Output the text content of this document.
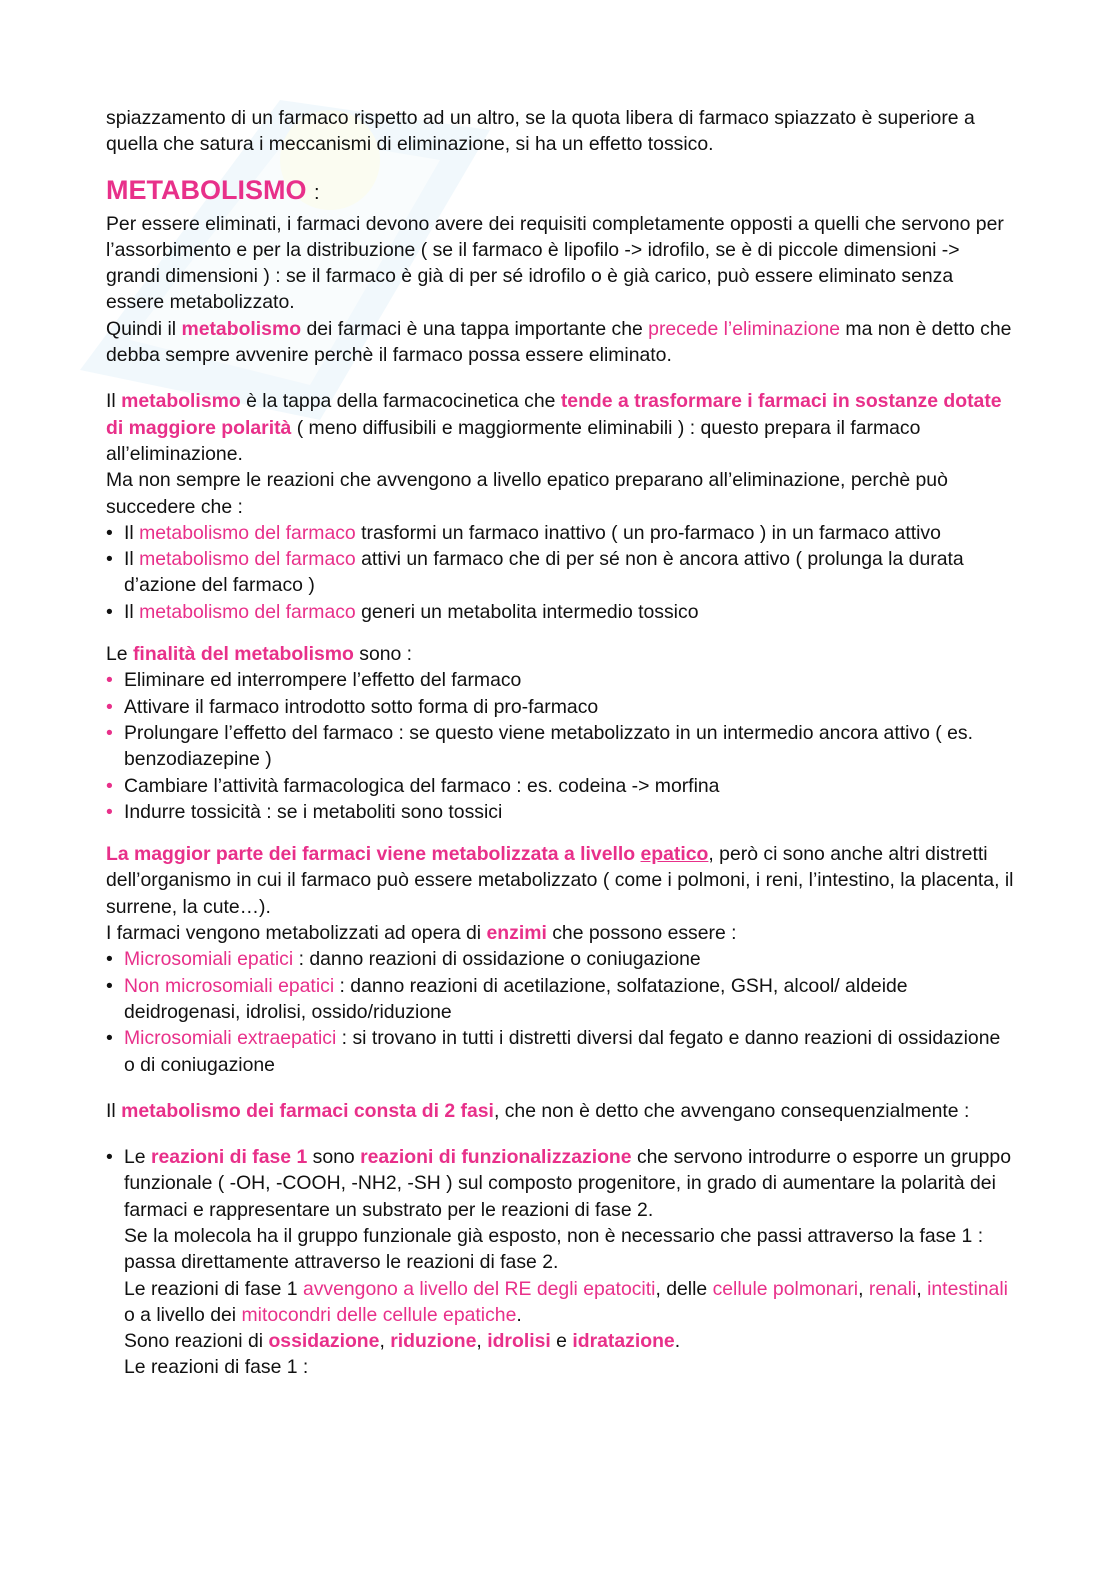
spiazzamento di un farmaco rispetto ad un altro, se la quota libera di farmaco spiazzato è superiore a quella che satura i meccanismi di eliminazione, si ha un effetto tossico.

METABOLISMO :

Per essere eliminati, i farmaci devono avere dei requisiti completamente opposti a quelli che servono per l’assorbimento e per la distribuzione ( se il farmaco è lipofilo -> idrofilo, se è di piccole dimensioni -> grandi dimensioni ) : se il farmaco è già di per sé idrofilo o è già carico, può essere eliminato senza essere metabolizzato.

Quindi il metabolismo dei farmaci è una tappa importante che precede l’eliminazione ma non è detto che debba sempre avvenire perchè il farmaco possa essere eliminato.

Il metabolismo è la tappa della farmacocinetica che tende a trasformare i farmaci in sostanze dotate di maggiore polarità ( meno diffusibili e maggiormente eliminabili ) : questo prepara il farmaco all’eliminazione.

Ma non sempre le reazioni che avvengono a livello epatico preparano all’eliminazione, perchè può succedere che :

• Il metabolismo del farmaco trasformi un farmaco inattivo ( un pro-farmaco ) in un farmaco attivo

• Il metabolismo del farmaco attivi un farmaco che di per sé non è ancora attivo ( prolunga la durata d’azione del farmaco )

• Il metabolismo del farmaco generi un metabolita intermedio tossico

Le finalità del metabolismo sono :

• Eliminare ed interrompere l’effetto del farmaco

• Attivare il farmaco introdotto sotto forma di pro-farmaco

• Prolungare l’effetto del farmaco : se questo viene metabolizzato in un intermedio ancora attivo ( es. benzodiazepine )

• Cambiare l’attività farmacologica del farmaco : es. codeina -> morfina

• Indurre tossicità : se i metaboliti sono tossici

La maggior parte dei farmaci viene metabolizzata a livello epatico, però ci sono anche altri distretti dell’organismo in cui il farmaco può essere metabolizzato ( come i polmoni, i reni, l’intestino, la placenta, il surrene, la cute…).

I farmaci vengono metabolizzati ad opera di enzimi che possono essere :

• Microsomiali epatici : danno reazioni di ossidazione o coniugazione

• Non microsomiali epatici : danno reazioni di acetilazione, solfatazione, GSH, alcool/ aldeide deidrogenasi, idrolisi, ossido/riduzione

• Microsomiali extraepatici : si trovano in tutti i distretti diversi dal fegato e danno reazioni di ossidazione o di coniugazione

Il metabolismo dei farmaci consta di 2 fasi, che non è detto che avvengano consequenzialmente :

• Le reazioni di fase 1 sono reazioni di funzionalizzazione che servono introdurre o esporre un gruppo funzionale ( -OH, -COOH, -NH2, -SH ) sul composto progenitore, in grado di aumentare la polarità dei farmaci e rappresentare un substrato per le reazioni di fase 2.

Se la molecola ha il gruppo funzionale già esposto, non è necessario che passi attraverso la fase 1 : passa direttamente attraverso le reazioni di fase 2.

Le reazioni di fase 1 avvengono a livello del RE degli epatociti, delle cellule polmonari, renali, intestinali o a livello dei mitocondri delle cellule epatiche.

Sono reazioni di ossidazione, riduzione, idrolisi e idratazione.

Le reazioni di fase 1 :
